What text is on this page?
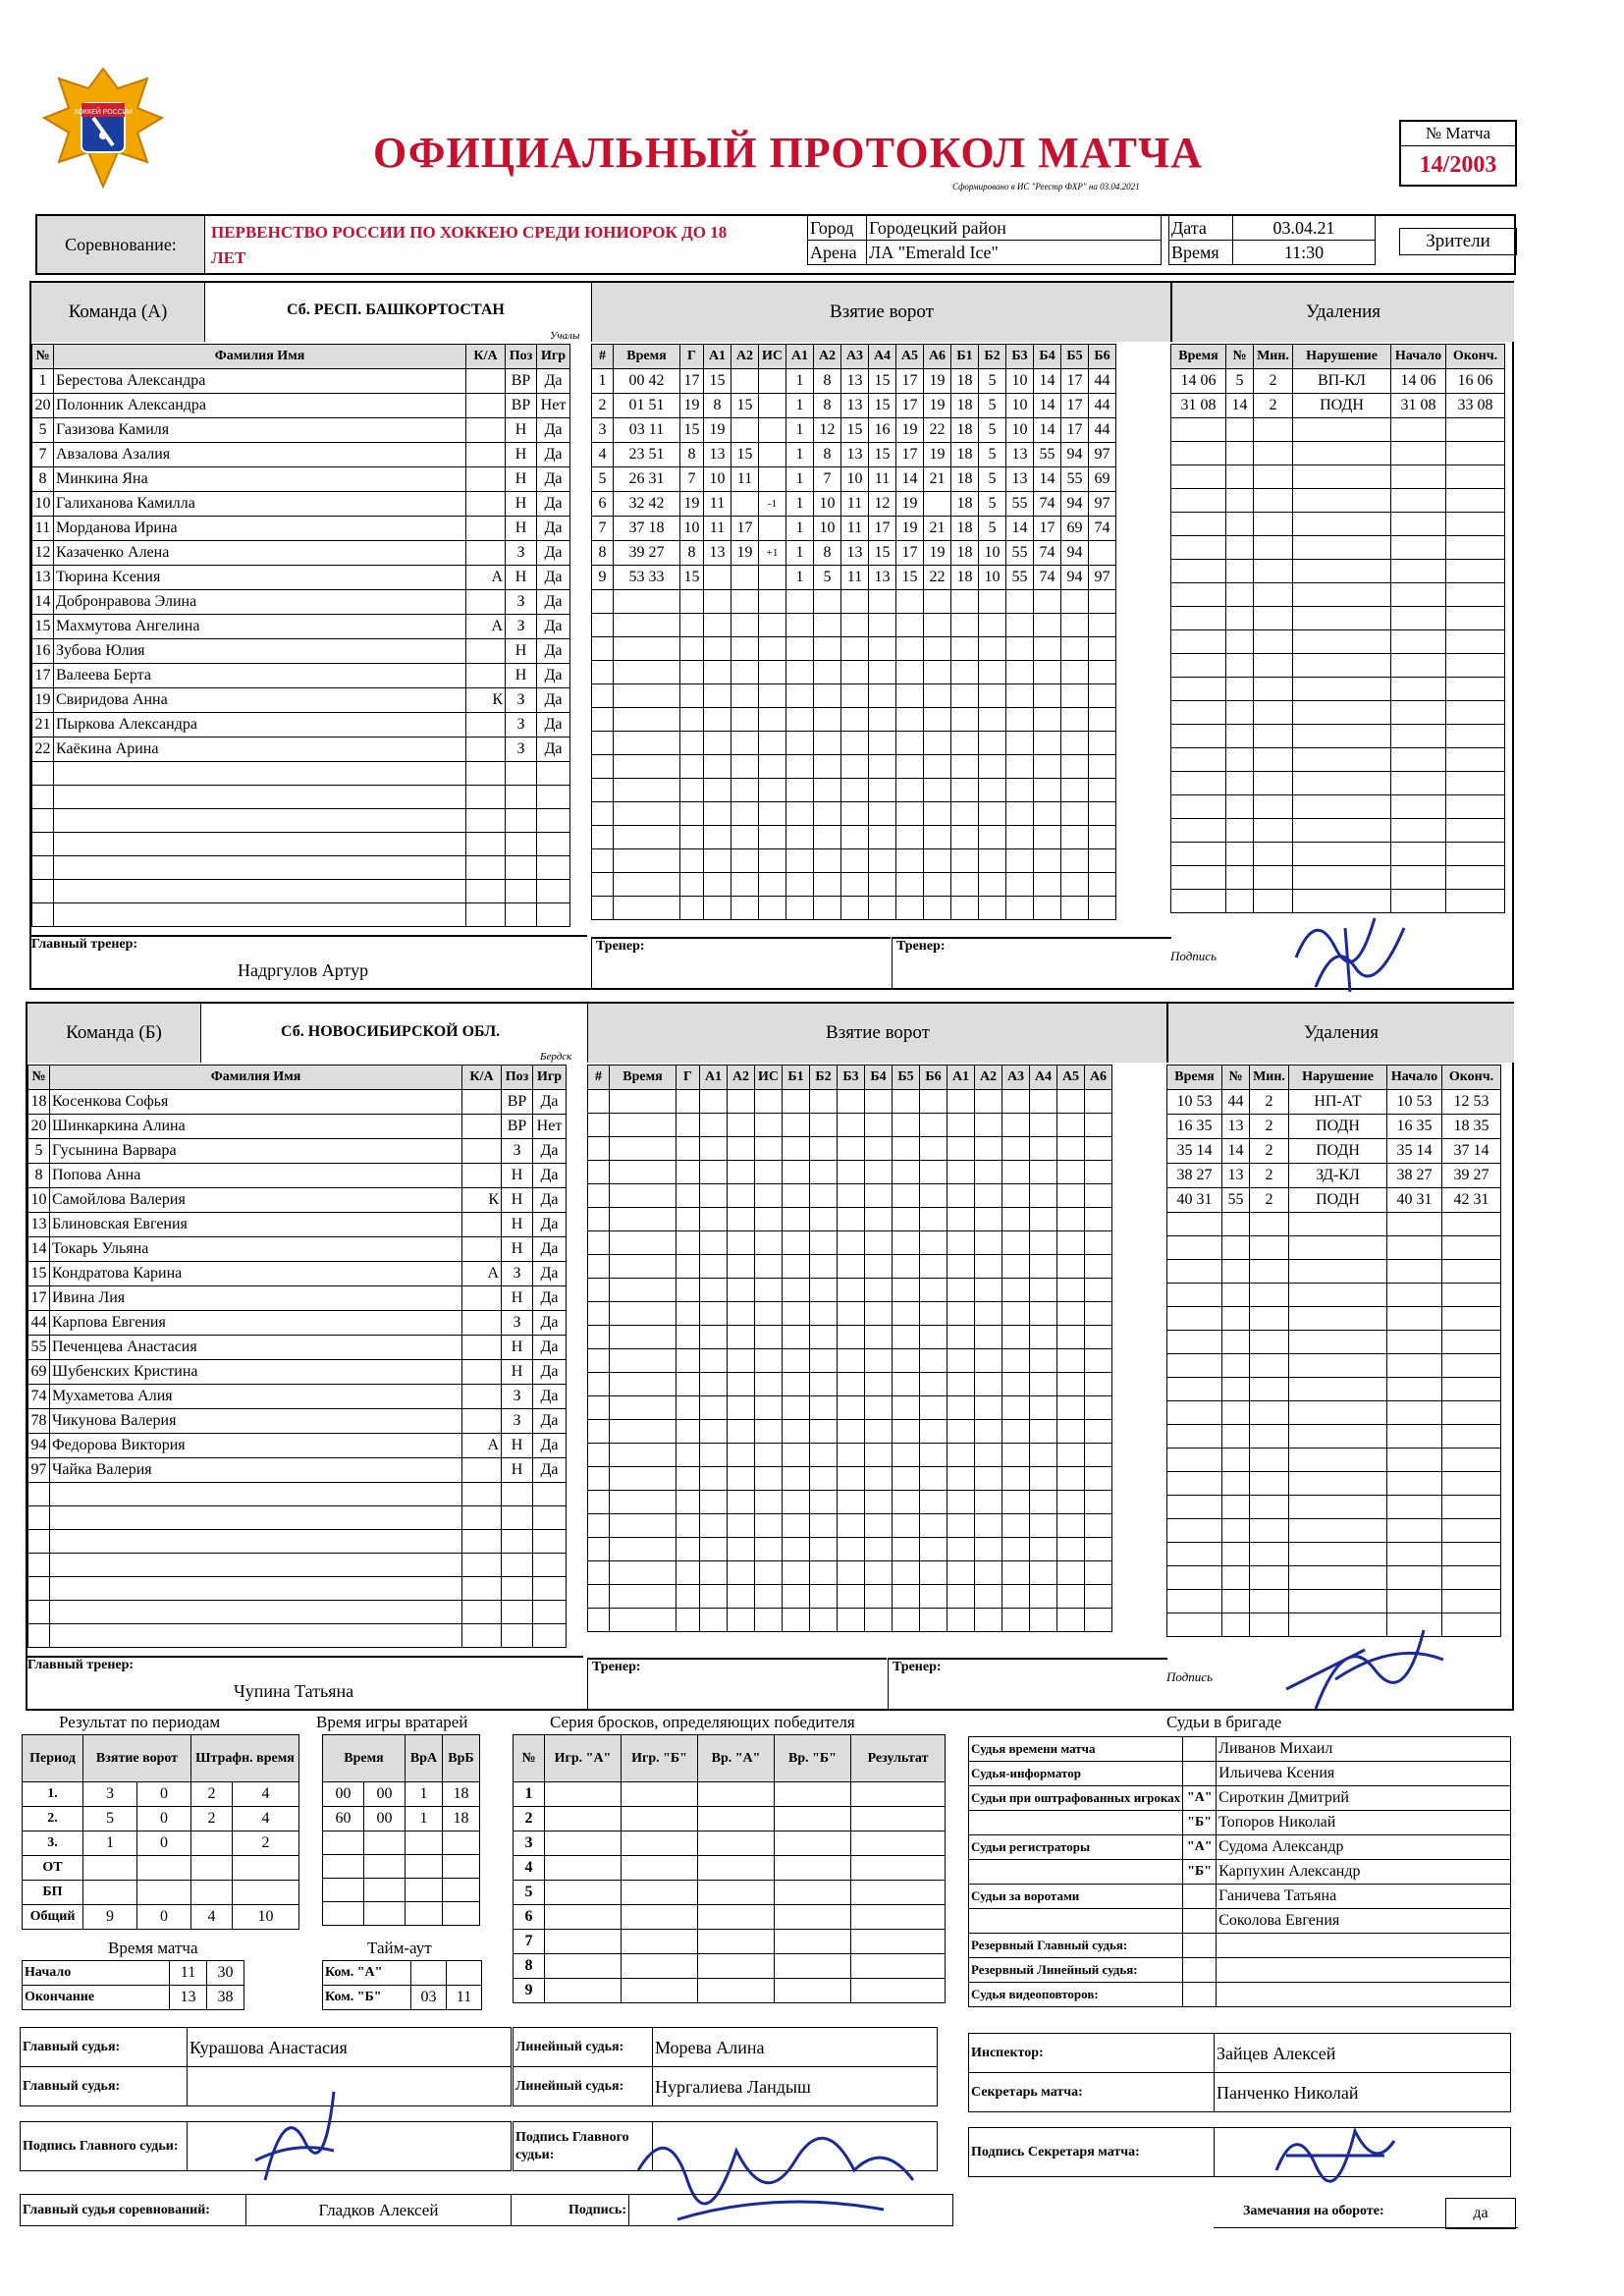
ХОККЕЙ РОССИИ
ОФИЦИАЛЬНЫЙ ПРОТОКОЛ МАТЧА
Сформировано в ИС "Реестр ФХР" на 03.04.2021
№ Матча
14/2003
Соревнование:
ПЕРВЕНСТВО РОССИИ ПО ХОККЕЮ СРЕДИ ЮНИОРОК ДО 18
ЛЕТ
Город	Городецкий район
Арена	ЛА "Emerald Ice"
Дата	03.04.21
Время	11:30
Зрители
Команда (А)	Сб. РЕСП. БАШКОРТОСТАН
Учалы
Взятие ворот	Удаления
№	Фамилия Имя	К/А	Поз	Игр
1	Берестова Александра		ВР	Да
20	Полонник Александра		ВР	Нет
5	Газизова Камиля		Н	Да
7	Авзалова Азалия		Н	Да
8	Минкина Яна		Н	Да
10	Галиханова Камилла		Н	Да
11	Морданова Ирина		Н	Да
12	Казаченко Алена		З	Да
13	Тюрина Ксения	А	Н	Да
14	Добронравова Элина		З	Да
15	Махмутова Ангелина	А	З	Да
16	Зубова Юлия		Н	Да
17	Валеева Берта		Н	Да
19	Свиридова Анна	К	З	Да
21	Пыркова Александра		З	Да
22	Каёкина Арина		З	Да

#	Время	Г	А1	А2	ИС	А1	А2	А3	А4	А5	А6	Б1	Б2	Б3	Б4	Б5	Б6
1	00 42	17	15			1	8	13	15	17	19	18	5	10	14	17	44
2	01 51	19	8	15		1	8	13	15	17	19	18	5	10	14	17	44
3	03 11	15	19			1	12	15	16	19	22	18	5	10	14	17	44
4	23 51	8	13	15		1	8	13	15	17	19	18	5	13	55	94	97
5	26 31	7	10	11		1	7	10	11	14	21	18	5	13	14	55	69
6	32 42	19	11		-1	1	10	11	12	19		18	5	55	74	94	97
7	37 18	10	11	17		1	10	11	17	19	21	18	5	14	17	69	74
8	39 27	8	13	19	+1	1	8	13	15	17	19	18	10	55	74	94	
9	53 33	15				1	5	11	13	15	22	18	10	55	74	94	97

Время	№	Мин.	Нарушение	Начало	Оконч.
14 06	5	2	ВП-КЛ	14 06	16 06
31 08	14	2	ПОДН	31 08	33 08

Главный тренер:
Надргулов Артур
Тренер:	Тренер:
Подпись
Команда (Б)	Сб. НОВОСИБИРСКОЙ ОБЛ.
Бердск
Взятие ворот	Удаления
№	Фамилия Имя	К/А	Поз	Игр
18	Косенкова Софья		ВР	Да
20	Шинкаркина Алина		ВР	Нет
5	Гусынина Варвара		З	Да
8	Попова Анна		Н	Да
10	Самойлова Валерия	К	Н	Да
13	Блиновская Евгения		Н	Да
14	Токарь Ульяна		Н	Да
15	Кондратова Карина	А	З	Да
17	Ивина Лия		Н	Да
44	Карпова Евгения		З	Да
55	Печенцева Анастасия		Н	Да
69	Шубенских Кристина		Н	Да
74	Мухаметова Алия		З	Да
78	Чикунова Валерия		З	Да
94	Федорова Виктория	А	Н	Да
97	Чайка Валерия		Н	Да

#	Время	Г	А1	А2	ИС	Б1	Б2	Б3	Б4	Б5	Б6	А1	А2	А3	А4	А5	А6

																		Время	№	Мин.	Нарушение	Начало	Оконч.
10 53	44	2	НП-АТ	10 53	12 53
16 35	13	2	ПОДН	16 35	18 35
35 14	14	2	ПОДН	35 14	37 14
38 27	13	2	ЗД-КЛ	38 27	39 27
40 31	55	2	ПОДН	40 31	42 31

Главный тренер:
Чупина Татьяна
Тренер:	Тренер:
Подпись
Результат по периодам
Период	Взятие ворот		Штрафн. время	
1.	3	0	2	4
2.	5	0	2	4
3.	1	0		2
ОТ				
БП				
Общий	9	0	4	10
Время матча
Начало	11	30
Окончание	13	38
Время игры вратарей
Время		ВрА	ВрБ
00	00	1	18
60	00	1	18

Тайм-аут
Ком. "А"		
Ком. "Б"	03	11
Серия бросков, определяющих победителя
№	Игр. "А"	Игр. "Б"	Вр. "А"	Вр. "Б"	Результат
1					
2					
3					
4					
5					
6					
7					
8					
9					
Судьи в бригаде
Судья времени матча		Ливанов Михаил
Судья-информатор		Ильичева Ксения
Судьи при оштрафованных игроках	"А"	Сироткин Дмитрий
	"Б"	Топоров Николай
Судьи регистраторы	"А"	Судома Александр
	"Б"	Карпухин Александр
Судьи за воротами		Ганичева Татьяна
		Соколова Евгения
Резервный Главный судья:		
Резервный Линейный судья:		
Судья видеоповторов:		
Главный судья:	Курашова Анастасия
Главный судья:	
Линейный судья:	Морева Алина
Линейный судья:	Нургалиева Ландыш
Инспектор:	Зайцев Алексей
Секретарь матча:	Панченко Николай
Подпись Главного судьи:	
Подпись Главного судьи:		Подпись Секретаря матча:	
Главный судья соревнований:	Гладков Алексей	Подпись:		Замечания на обороте:	да
